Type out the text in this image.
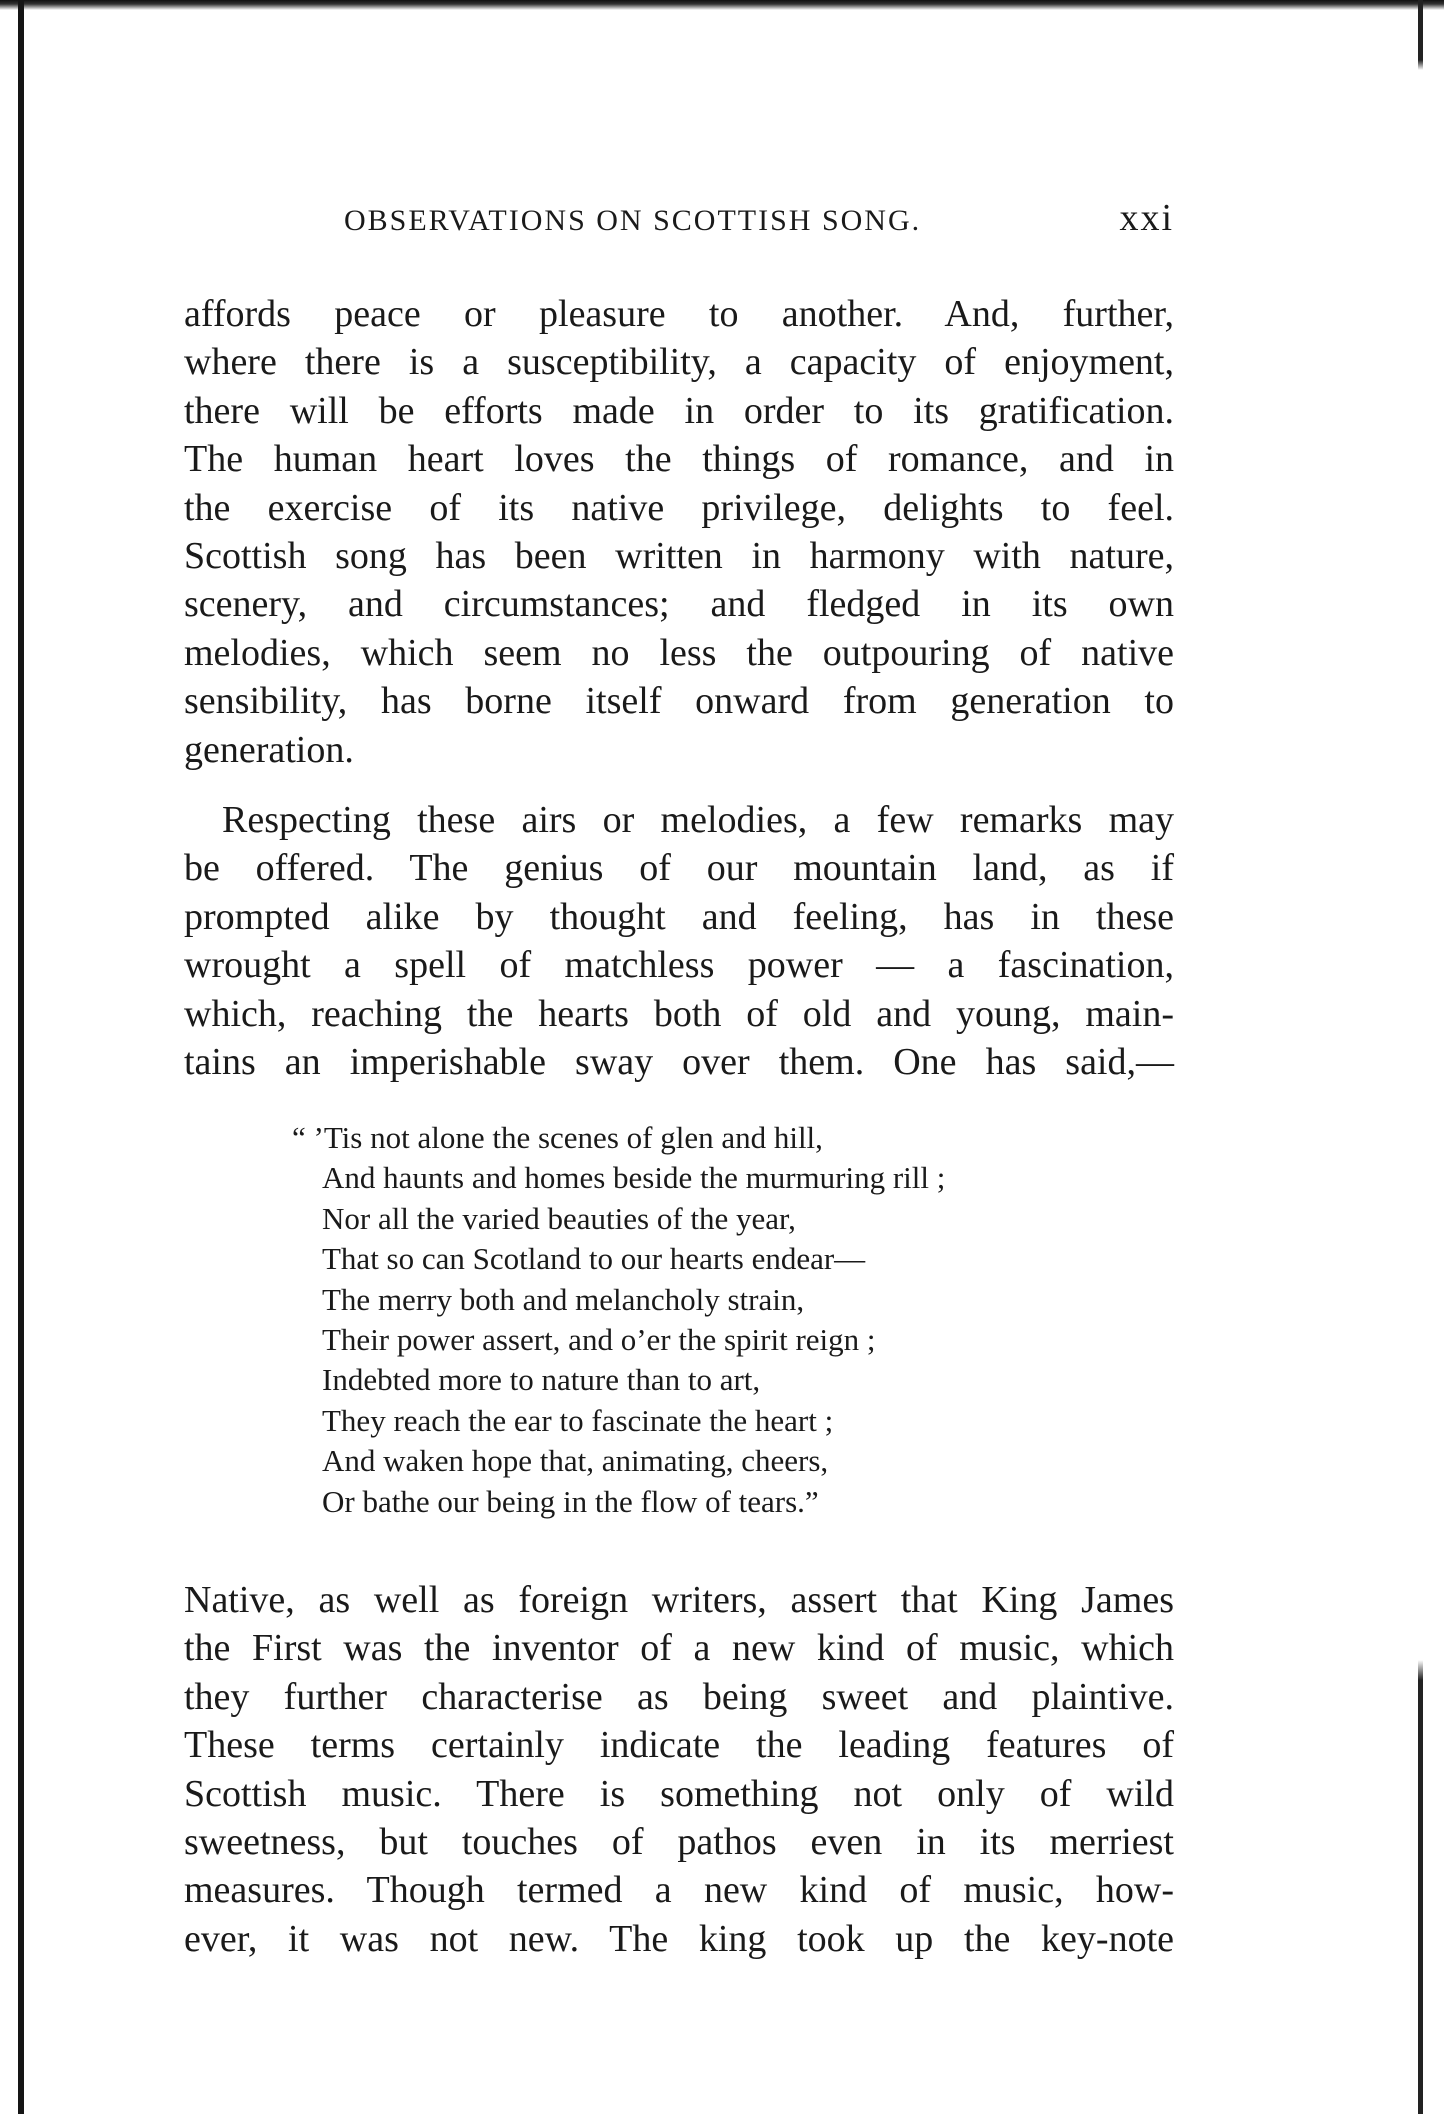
OBSERVATIONS ON SCOTTISH SONG.	xxi
affords peace or pleasure to another. And, further,
where there is a susceptibility, a capacity of enjoyment,
there will be efforts made in order to its gratification.
The human heart loves the things of romance, and in
the exercise of its native privilege, delights to feel.
Scottish song has been written in harmony with nature,
scenery, and circumstances; and fledged in its own
melodies, which seem no less the outpouring of native
sensibility, has borne itself onward from generation to
generation.
Respecting these airs or melodies, a few remarks may
be offered. The genius of our mountain land, as if
prompted alike by thought and feeling, has in these
wrought a spell of matchless power — a fascination,
which, reaching the hearts both of old and young, main-
tains an imperishable sway over them. One has said,—
“ ’Tis not alone the scenes of glen and hill,
And haunts and homes beside the murmuring rill ;
Nor all the varied beauties of the year,
That so can Scotland to our hearts endear—
The merry both and melancholy strain,
Their power assert, and o’er the spirit reign ;
Indebted more to nature than to art,
They reach the ear to fascinate the heart ;
And waken hope that, animating, cheers,
Or bathe our being in the flow of tears.”
Native, as well as foreign writers, assert that King James
the First was the inventor of a new kind of music, which
they further characterise as being sweet and plaintive.
These terms certainly indicate the leading features of
Scottish music. There is something not only of wild
sweetness, but touches of pathos even in its merriest
measures. Though termed a new kind of music, how-
ever, it was not new. The king took up the key-note
